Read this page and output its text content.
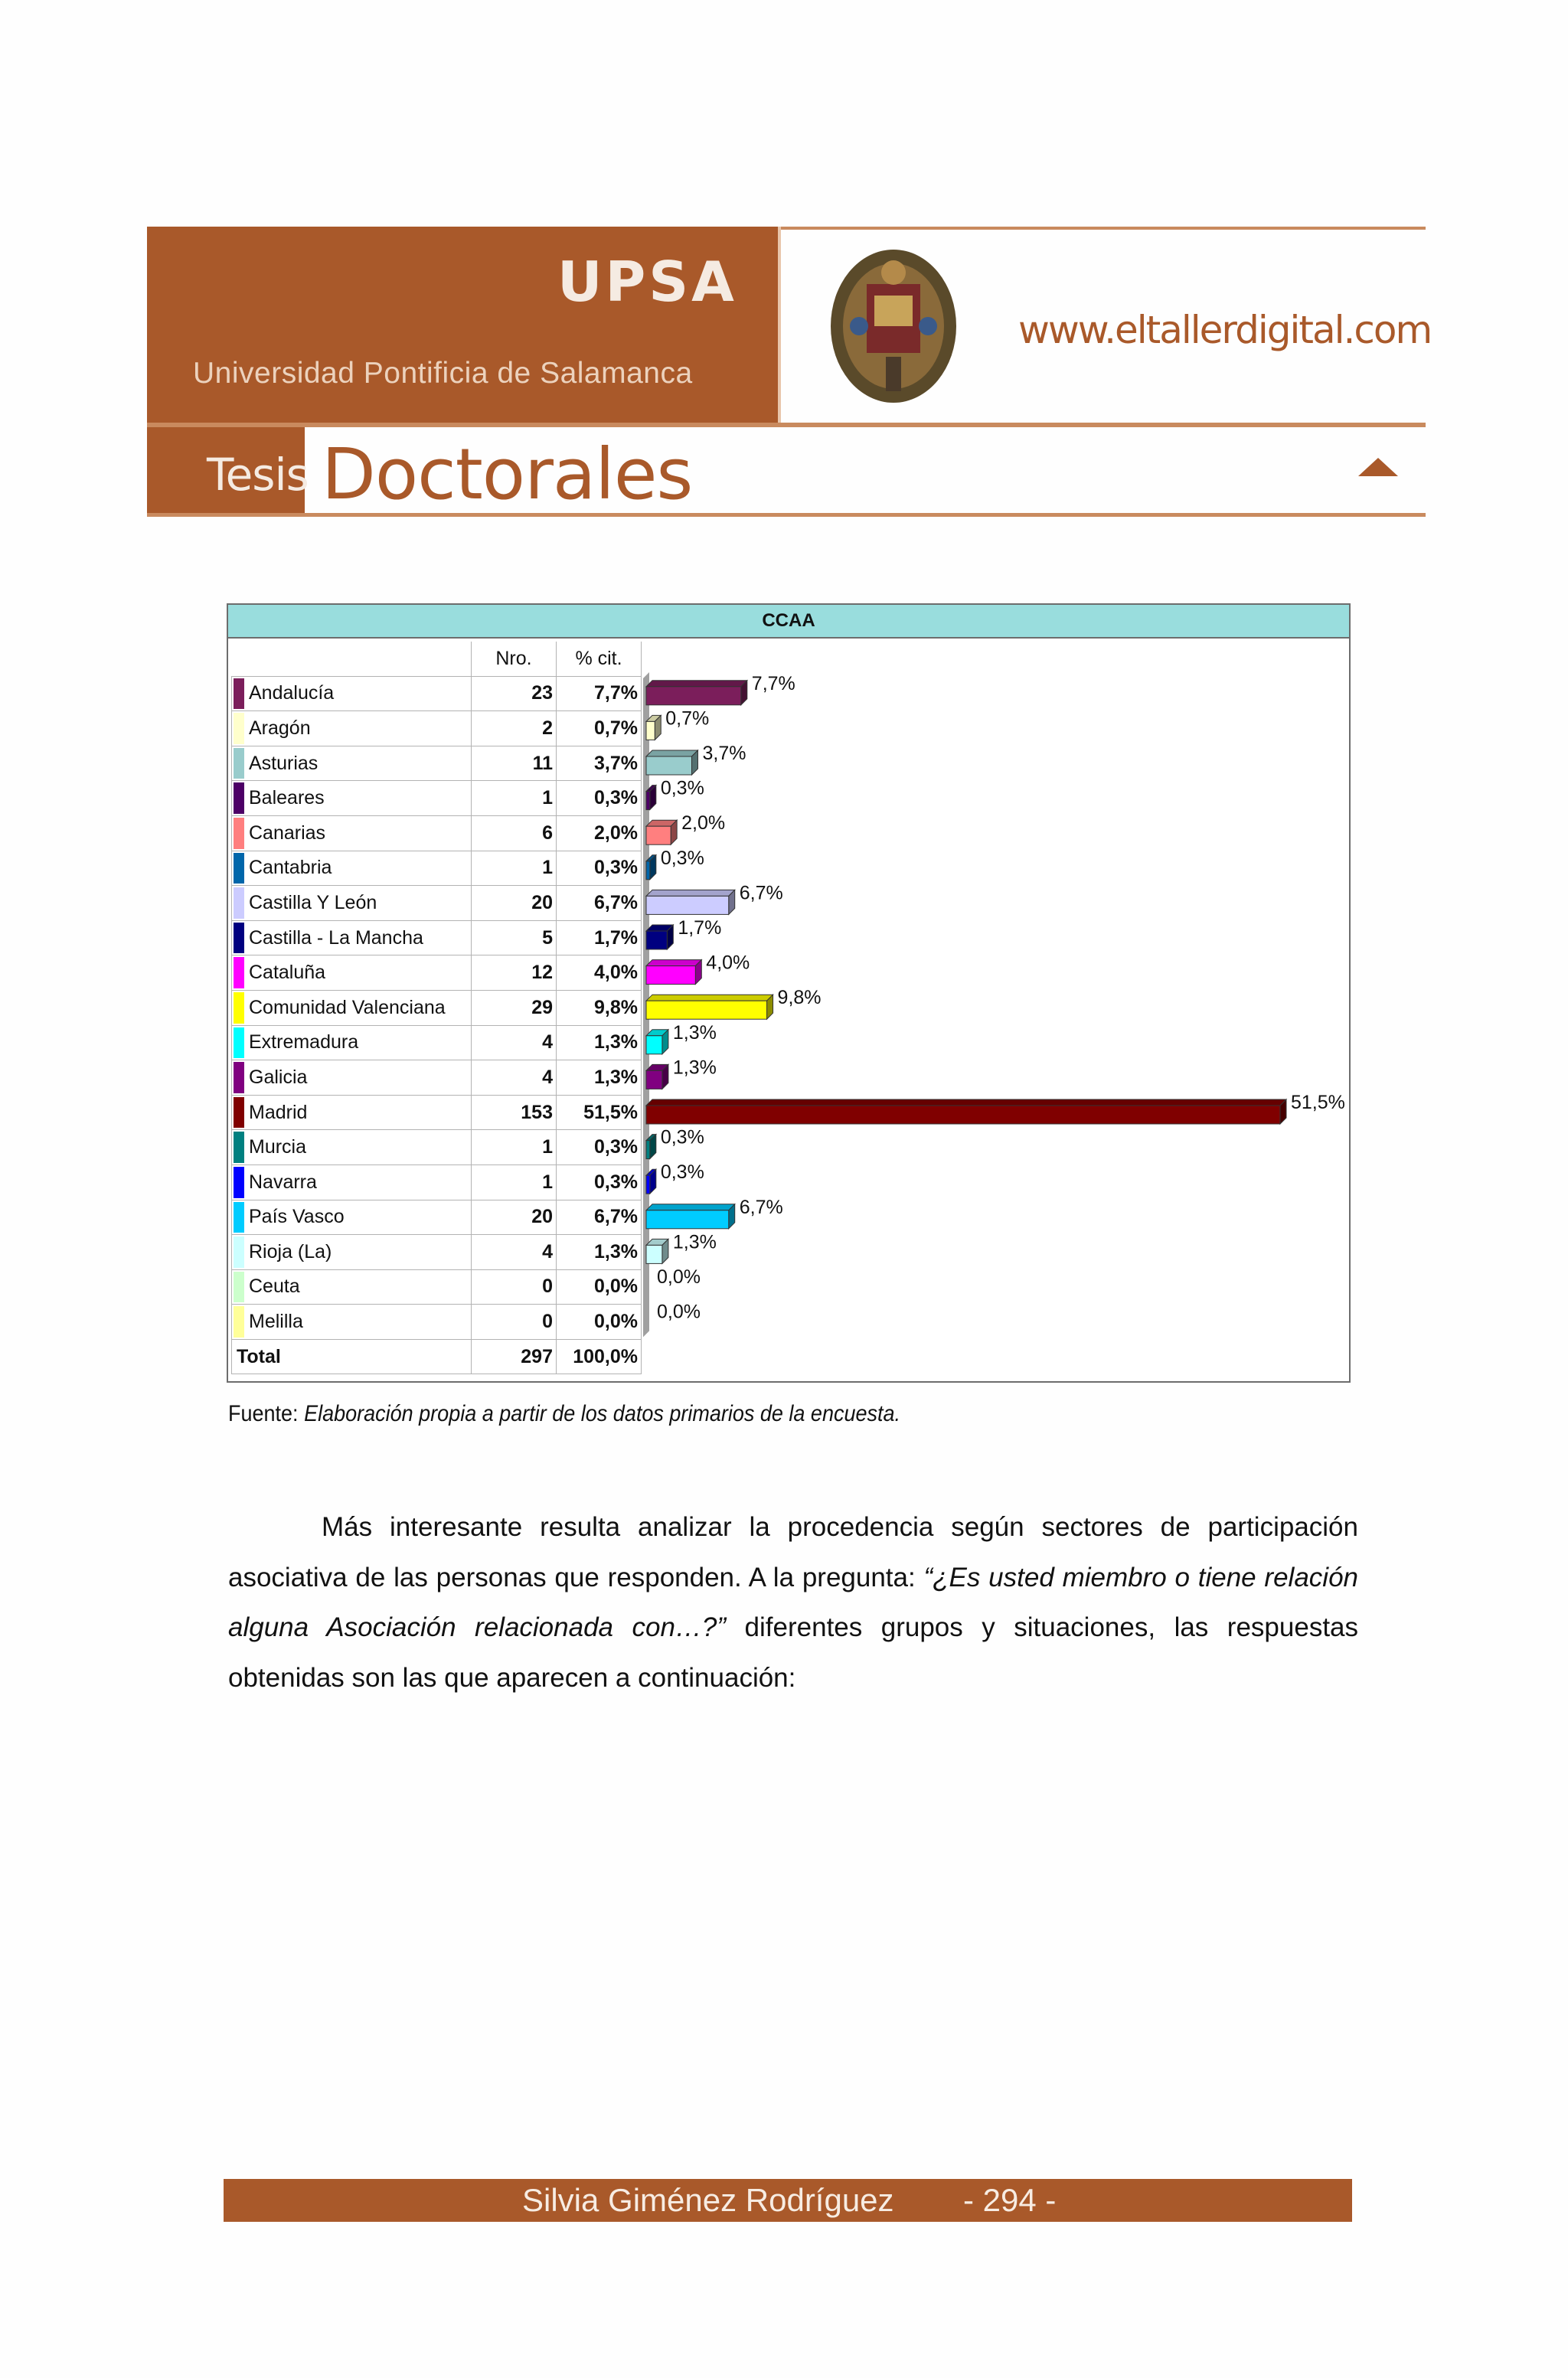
UPSA
Universidad Pontificia de Salamanca
www.eltallerdigital.com
Tesis Doctorales
CCAA
	Nro.	% cit.

Andalucía	23	7,7%

Aragón	2	0,7%

Asturias	11	3,7%

Baleares	1	0,3%

Canarias	6	2,0%

Cantabria	1	0,3%

Castilla Y León	20	6,7%

Castilla - La Mancha	5	1,7%

Cataluña	12	4,0%

Comunidad Valenciana	29	9,8%

Extremadura	4	1,3%

Galicia	4	1,3%

Madrid	153	51,5%

Murcia	1	0,3%

Navarra	1	0,3%

País Vasco	20	6,7%

Rioja (La)	4	1,3%

Ceuta	0	0,0%

Melilla	0	0,0%
Total	297	100,0%
7,7%
0,7%
3,7%
0,3%
2,0%
0,3%
6,7%
1,7%
4,0%
9,8%
1,3%
1,3%
51,5%
0,3%
0,3%
6,7%
1,3%
0,0%
0,0%
Fuente: Elaboración propia a partir de los datos primarios de la encuesta.
Más interesante resulta analizar la procedencia según sectores de participación asociativa de las personas que responden. A la pregunta: “¿Es usted miembro o tiene relación alguna Asociación relacionada con…?” diferentes grupos y situaciones, las respuestas obtenidas son las que aparecen a continuación:
Silvia Giménez Rodríguez - 294 -
